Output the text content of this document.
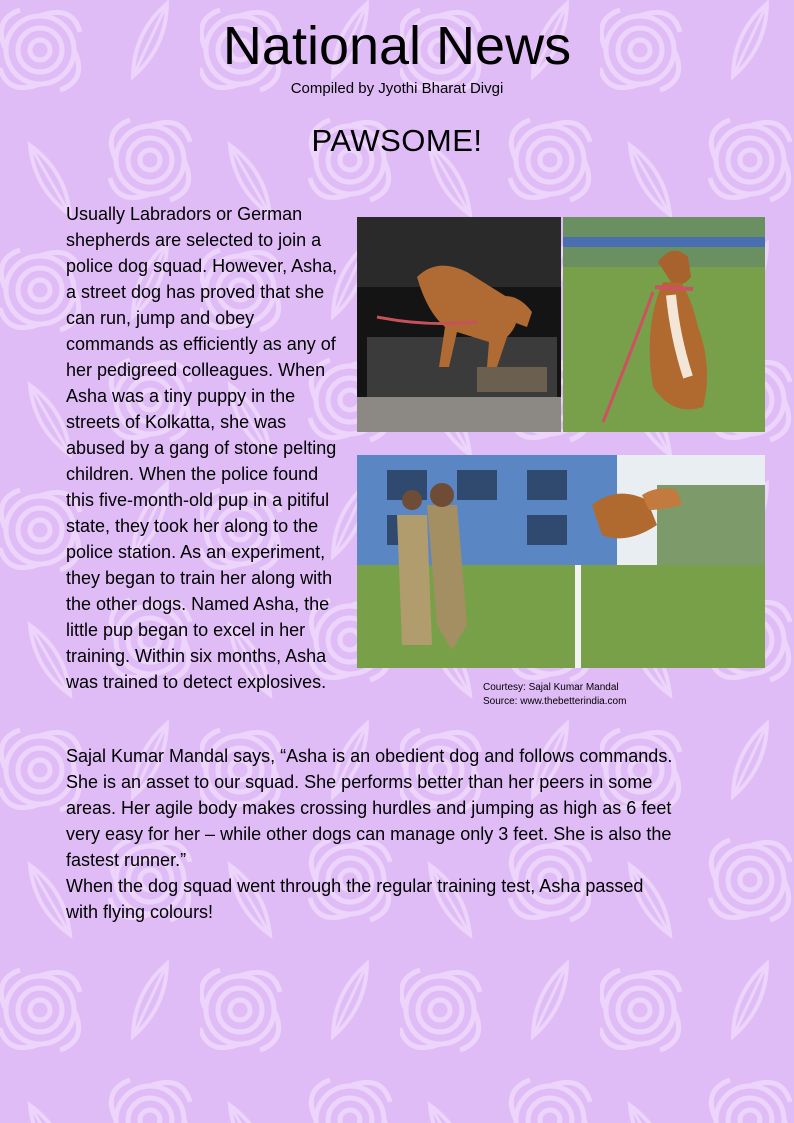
National News
Compiled by Jyothi Bharat Divgi
PAWSOME!

Usually Labradors or German shepherds are selected to join a police dog squad. However, Asha, a street dog has proved that she can run, jump and obey commands as efficiently as any of her pedigreed colleagues. When Asha was a tiny puppy in the streets of Kolkatta, she was abused by a gang of stone pelting children. When the police found this five-month-old pup in a pitiful state, they took her along to the police station. As an experiment, they began to train her along with the other dogs. Named Asha, the little pup began to excel in her training. Within six months, Asha was trained to detect explosives.	Courtesy: Sajal Kumar Mandal
Source: www.thebetterindia.com

Sajal Kumar Mandal says, “Asha is an obedient dog and follows commands. She is an asset to our squad. She performs better than her peers in some areas. Her agile body makes crossing hurdles and jumping as high as 6 feet very easy for her – while other dogs can manage only 3 feet. She is also the fastest runner.”

When the dog squad went through the regular training test, Asha passed with flying colours!
